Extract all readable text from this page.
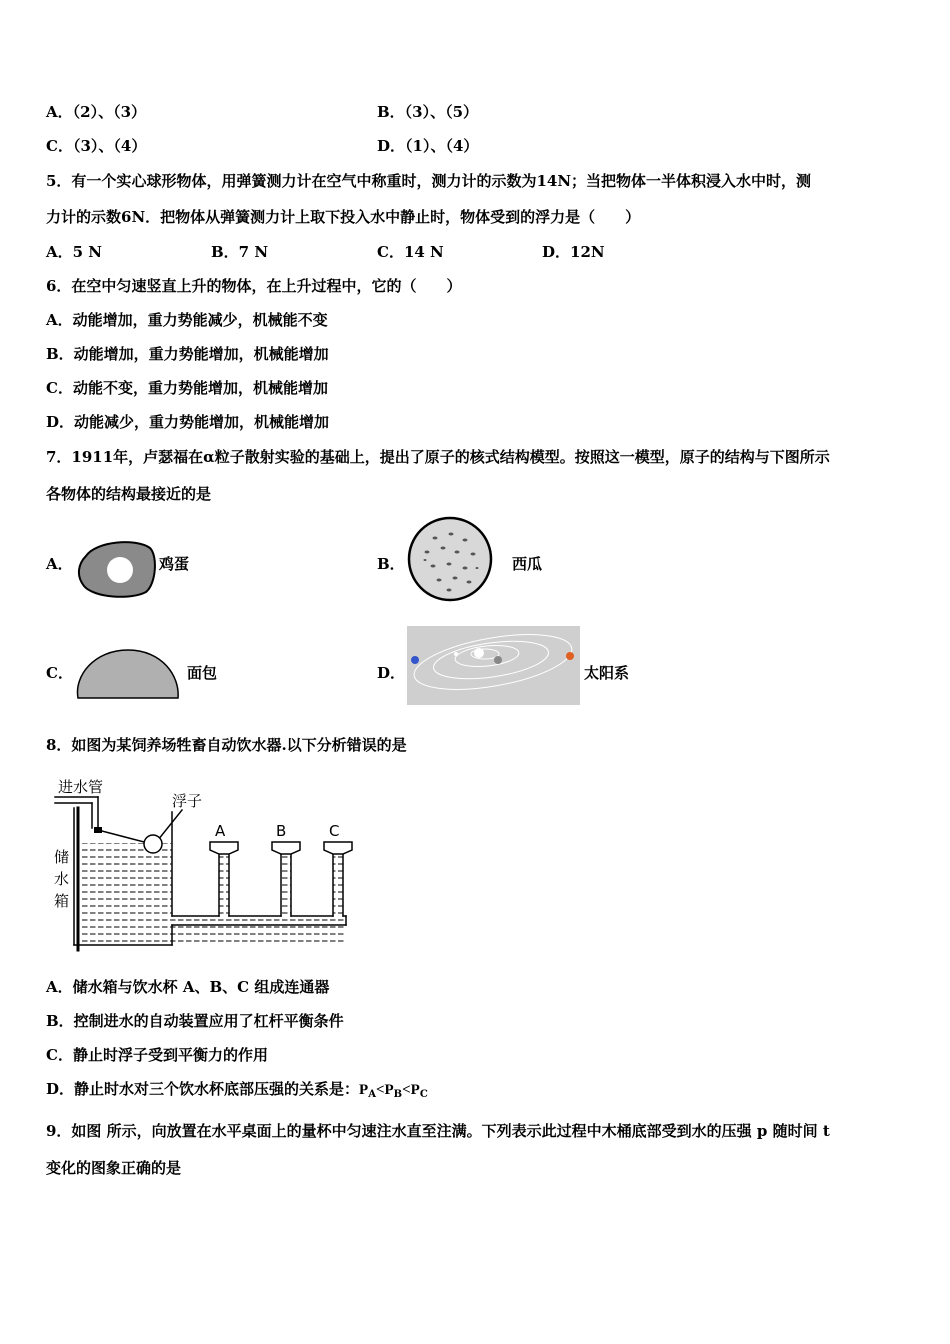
A．（2）、（3）	B．（3）、（5）
C．（3）、（4）	D．（1）、（4）
5．有一个实心球形物体，用弹簧测力计在空气中称重时，测力计的示数为14N；当把物体一半体积浸入水中时，测
力计的示数6N．把物体从弹簧测力计上取下投入水中静止时，物体受到的浮力是（　　）
A．5 N	B．7 N	C．14 N	D．12N
6．在空中匀速竖直上升的物体，在上升过程中，它的（　　）
A．动能增加，重力势能减少，机械能不变
B．动能增加，重力势能增加，机械能增加
C．动能不变，重力势能增加，机械能增加
D．动能减少，重力势能增加，机械能增加
7．1911年，卢瑟福在α粒子散射实验的基础上，提出了原子的核式结构模型。按照这一模型，原子的结构与下图所示
各物体的结构最接近的是
A．	鸡蛋	B．	西瓜
C．	面包	D．	太阳系
8．如图为某饲养场牲畜自动饮水器.以下分析错误的是
进水管
浮子
储
水
箱
A	B	C
A．储水箱与饮水杯 A、B、C 组成连通器
B．控制进水的自动装置应用了杠杆平衡条件
C．静止时浮子受到平衡力的作用
D．静止时水对三个饮水杯底部压强的关系是：$P_A<P_B<P_C$
9．如图 所示，向放置在水平桌面上的量杯中匀速注水直至注满。下列表示此过程中木桶底部受到水的压强 p 随时间 t
变化的图象正确的是
